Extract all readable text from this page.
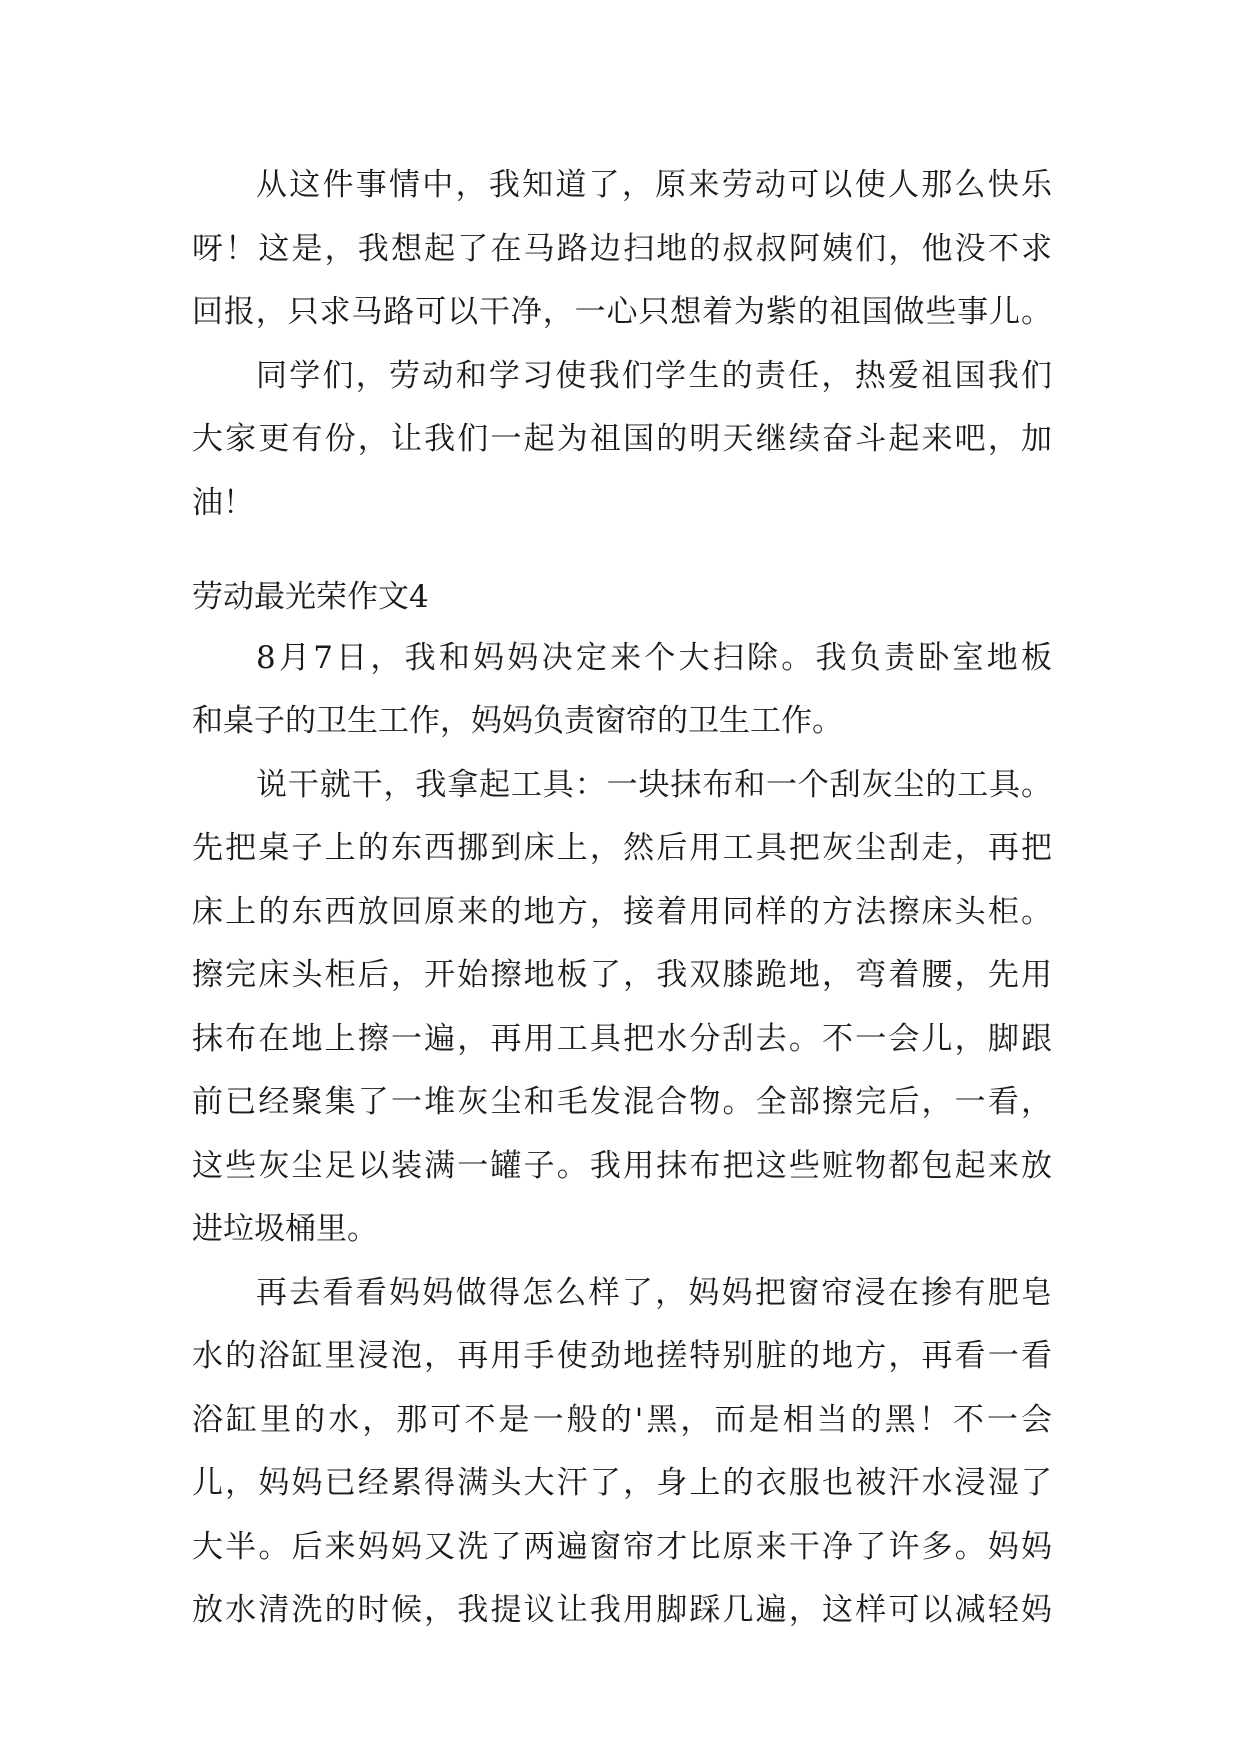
从这件事情中，我知道了，原来劳动可以使人那么快乐
呀！这是，我想起了在马路边扫地的叔叔阿姨们，他没不求
回报，只求马路可以干净，一心只想着为紫的祖国做些事儿。
同学们，劳动和学习使我们学生的责任，热爱祖国我们
大家更有份，让我们一起为祖国的明天继续奋斗起来吧，加
油！
劳动最光荣作文4
8月7日，我和妈妈决定来个大扫除。我负责卧室地板
和桌子的卫生工作，妈妈负责窗帘的卫生工作。
说干就干，我拿起工具：一块抹布和一个刮灰尘的工具。
先把桌子上的东西挪到床上，然后用工具把灰尘刮走，再把
床上的东西放回原来的地方，接着用同样的方法擦床头柜。
擦完床头柜后，开始擦地板了，我双膝跪地，弯着腰，先用
抹布在地上擦一遍，再用工具把水分刮去。不一会儿，脚跟
前已经聚集了一堆灰尘和毛发混合物。全部擦完后，一看，
这些灰尘足以装满一罐子。我用抹布把这些赃物都包起来放
进垃圾桶里。
再去看看妈妈做得怎么样了，妈妈把窗帘浸在掺有肥皂
水的浴缸里浸泡，再用手使劲地搓特别脏的地方，再看一看
浴缸里的水，那可不是一般的'黑，而是相当的黑！不一会
儿，妈妈已经累得满头大汗了，身上的衣服也被汗水浸湿了
大半。后来妈妈又洗了两遍窗帘才比原来干净了许多。妈妈
放水清洗的时候，我提议让我用脚踩几遍，这样可以减轻妈
